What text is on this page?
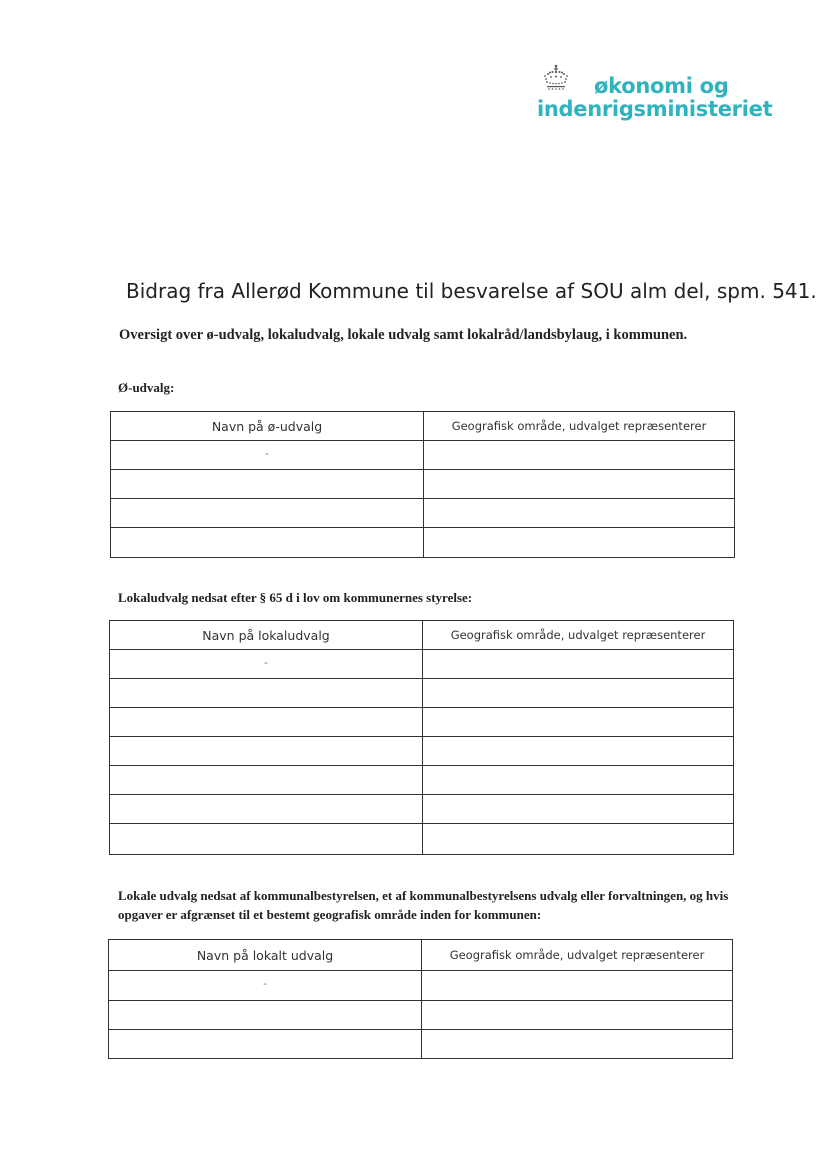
økonomi og
indenrigsministeriet
Bidrag fra Allerød Kommune til besvarelse af SOU alm del, spm. 541.
Oversigt over ø-udvalg, lokaludvalg, lokale udvalg samt lokalråd/landsbylaug, i kommunen.
Ø-udvalg:
Navn på ø-udvalg	Geografisk område, udvalget repræsenterer
-	

Lokaludvalg nedsat efter § 65 d i lov om kommunernes styrelse:
Navn på lokaludvalg	Geografisk område, udvalget repræsenterer
-	

Lokale udvalg nedsat af kommunalbestyrelsen, et af kommunalbestyrelsens udvalg eller forvaltningen, og hvis opgaver er afgrænset til et bestemt geografisk område inden for kommunen:
Navn på lokalt udvalg	Geografisk område, udvalget repræsenterer
-	
